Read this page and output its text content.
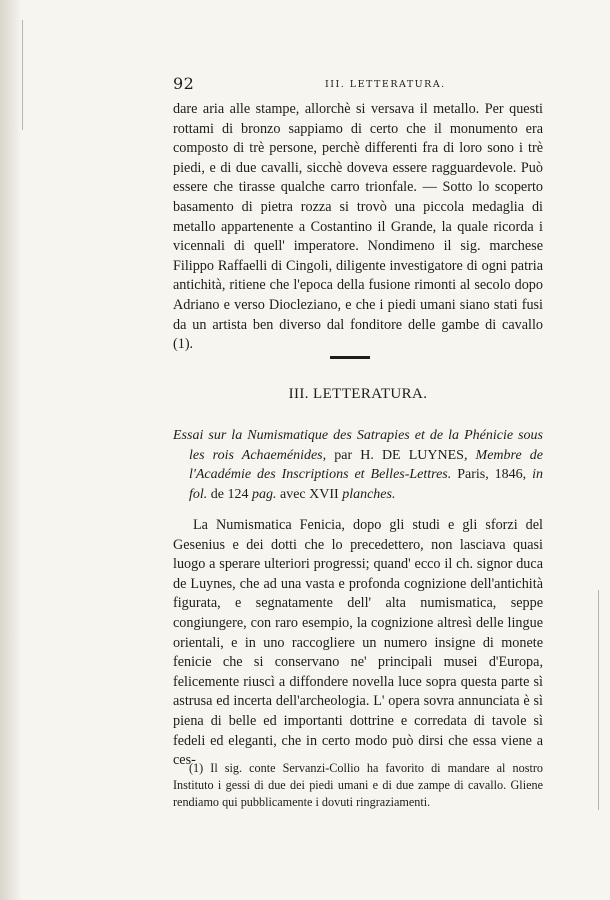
92	III. LETTERATURA.

dare aria alle stampe, allorchè si versava il metallo. Per questi rottami di bronzo sappiamo di certo che il monumento era composto di trè persone, perchè differenti fra di loro sono i trè piedi, e di due cavalli, sicchè doveva essere ragguardevole. Può essere che tirasse qualche carro trionfale. — Sotto lo scoperto basamento di pietra rozza si trovò una piccola medaglia di metallo appartenente a Costantino il Grande, la quale ricorda i vicennali di quell' imperatore. Nondimeno il sig. marchese Filippo Raffaelli di Cingoli, diligente investigatore di ogni patria antichità, ritiene che l'epoca della fusione rimonti al secolo dopo Adriano e verso Diocleziano, e che i piedi umani siano stati fusi da un artista ben diverso dal fonditore delle gambe di cavallo (1).

III. LETTERATURA.

Essai sur la Numismatique des Satrapies et de la Phénicie sous les rois Achaeménides, par H. DE LUYNES, Membre de l'Académie des Inscriptions et Belles-Lettres. Paris, 1846, in fol. de 124 pag. avec XVII planches.

La Numismatica Fenicia, dopo gli studi e gli sforzi del Gesenius e dei dotti che lo precedettero, non lasciava quasi luogo a sperare ulteriori progressi; quand' ecco il ch. signor duca de Luynes, che ad una vasta e profonda cognizione dell'antichità figurata, e segnatamente dell' alta numismatica, seppe congiungere, con raro esempio, la cognizione altresì delle lingue orientali, e in uno raccogliere un numero insigne di monete fenicie che si conservano ne' principali musei d'Europa, felicemente riuscì a diffondere novella luce sopra questa parte sì astrusa ed incerta dell'archeologia. L' opera sovra annunciata è sì piena di belle ed importanti dottrine e corredata di tavole sì fedeli ed eleganti, che in certo modo può dirsi che essa viene a ces-

(1) Il sig. conte Servanzi-Collio ha favorito di mandare al nostro Instituto i gessi di due dei piedi umani e di due zampe di cavallo. Gliene rendiamo qui pubblicamente i dovuti ringraziamenti.
